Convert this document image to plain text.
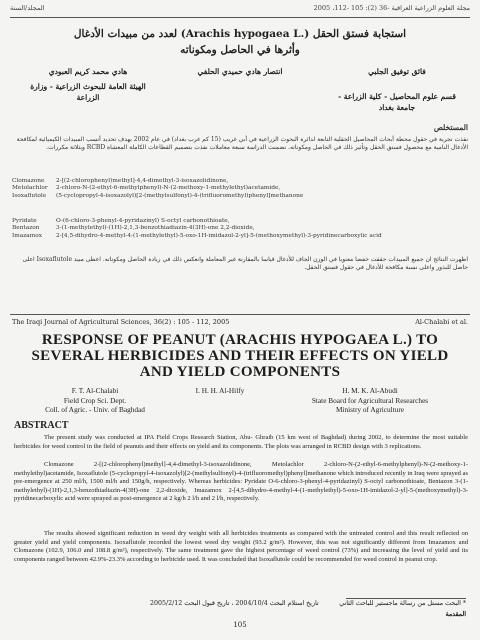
المجلد/السنة	مجلة العلوم الزراعية العراقية -36 (2): 105 -112، 2005
استجابة فستق الحقل (.Arachis hypogaea L) لعدد من مبيدات الأدغال
وأثرها في الحاصل ومكوناته
فائق توفيق الجلبي
قسم علوم المحاصيل - كلية الزراعة - جامعة بغداد
انتصار هادي حميدي الحلفي
هادي محمد كريم العبودي
الهيئة العامة للبحوث الزراعية - وزارة الزراعة
المستخلص
نفذت تجربة في حقول محطة أبحاث المحاصيل الحقلية التابعة لدائرة البحوث الزراعية في أبي غريب (15 كم غرب بغداد) في عام 2002 بهدف تحديد أنسب المبيدات الكيميائية لمكافحة الأدغال النامية مع محصول فستق الحقل وتأثير ذلك في الحاصل ومكوناته. تضمنت الدراسة سبعة معاملات نفذت بتصميم القطاعات الكاملة المعشاة RCBD وبثلاثة مكررات.
Clomazone 2-[(2-chlorophenyl)methyl]-4,4-dimethyl-3-isoxazolidinone,
Metolachlor 2-chloro-N-(2-ethyl-6-methylphenyl)-N-(2-methoxy-1-methylethyl)acetamide,
Isoxaflutole (5-cyclopropyl-4-isoxazolyl)[2-(methylsulfonyl)-4-(trifluoromethyl)phenyl]methanone
Pyridate	O-(6-chloro-3-phenyl-4-pyridazinyl) S-octyl carbonothioate,
Bentazon	3-(1-methylethyl)-(1H)-2,1,3-benzothiadiazin-4(3H)-one 2,2-dioxide,
Imazamox 2-[4,5-dihydro-4-methyl-4-(1-methylethyl)-5-oxo-1H-imidazol-2-yl]-5-(methoxymethyl)-3-pyridinecarboxylic acid
اظهرت النتائج ان جميع المبيدات حققت خفضا معنويا في الوزن الجاف للأدغال قياسا بالمقارنة غير المعاملة وانعكس ذلك في زيادة الحاصل ومكوناته. اعطى مبيد Isoxaflutole اعلى حاصل للبذور واعلى نسبة مكافحة للأدغال في حقول فستق الحقل.
The Iraqi Journal of Agricultural Sciences, 36(2) : 105 - 112, 2005	Al-Chalabi et al.
RESPONSE OF PEANUT (ARACHIS HYPOGAEA L.) TO SEVERAL HERBICIDES AND THEIR EFFECTS ON YIELD AND YIELD COMPONENTS
F. T. Al-Chalabi
Field Crop Sci. Dept.
Coll. of Agric. - Univ. of Baghdad
I. H. H. Al-Hilfy	H. M. K. Al-Abudi
State Board for Agricultural Researches
Ministry of Agriculture
ABSTRACT
The present study was conducted at IPA Field Crops Research Station, Abu- Ghraib (15 km west of Baghdad) during 2002, to determine the most suitable herbicides for weed control in the field of peanuts and their effects on yield and its components. The plots was arranged in RCBD design with 3 replications.
Clomazone 2-[(2-chlorophenyl)methyl]-4,4-dimethyl-3-isoxazolidinone, Metolachlor 2-chloro-N-(2-ethyl-6-methylphenyl)-N-(2-methoxy-1-methylethyl)acetamide, Isoxaflutole (5-cyclopropyl-4-isoxazolyl)[2-(methylsulfonyl)-4-(trifluoromethyl)phenyl]methanone which introduced recently in Iraq were sprayed as pre-emergence at 250 ml/h, 1500 ml/h and 150g/h, respectively. Whereas herbicides: Pyridate O-6-chloro-3-phenyl-4-pyridazinyl) S-octyl carbonothioate, Bentazon 3-(1-methylethyl)-(1H)-2,1,3-benzothiadiazin-4(3H)-one 2,2-dioxide, Imazamox 2-[4,5-dihydro-4-methyl-4-(1-methylethyl)-5-oxo-1H-imidazol-2-yl]-5-(methoxymethyl)-3-pyridinecarboxylic acid were sprayed as post-emergence at 2 kg/h 2 l/h and 2 l/h, respectively.
The results showed significant reduction in weed dry weight with all herbicides treatments as compared with the untreated control and this result reflected on greater yield and yield components. Isoxaflutole recorded the lowest weed dry weight (93.2 g/m²). However, this was not significantly different from Imazamox and Clomazone (102.9, 106.0 and 108.8 g/m²), respectively. The same treatment gave the highest percentage of weed control (73%) and increasing the level of yield and its components ranged between 42.9%-23.3% according to herbicide used. It was concluded that Isoxaflutole could be recommended for weed control in peanut crop.
* البحث مستل من رسالة ماجستير للباحث الثاني
تاريخ استلام البحث 2004/10/4 ، تاريخ قبول البحث 2005/2/12
المقدمة
105
